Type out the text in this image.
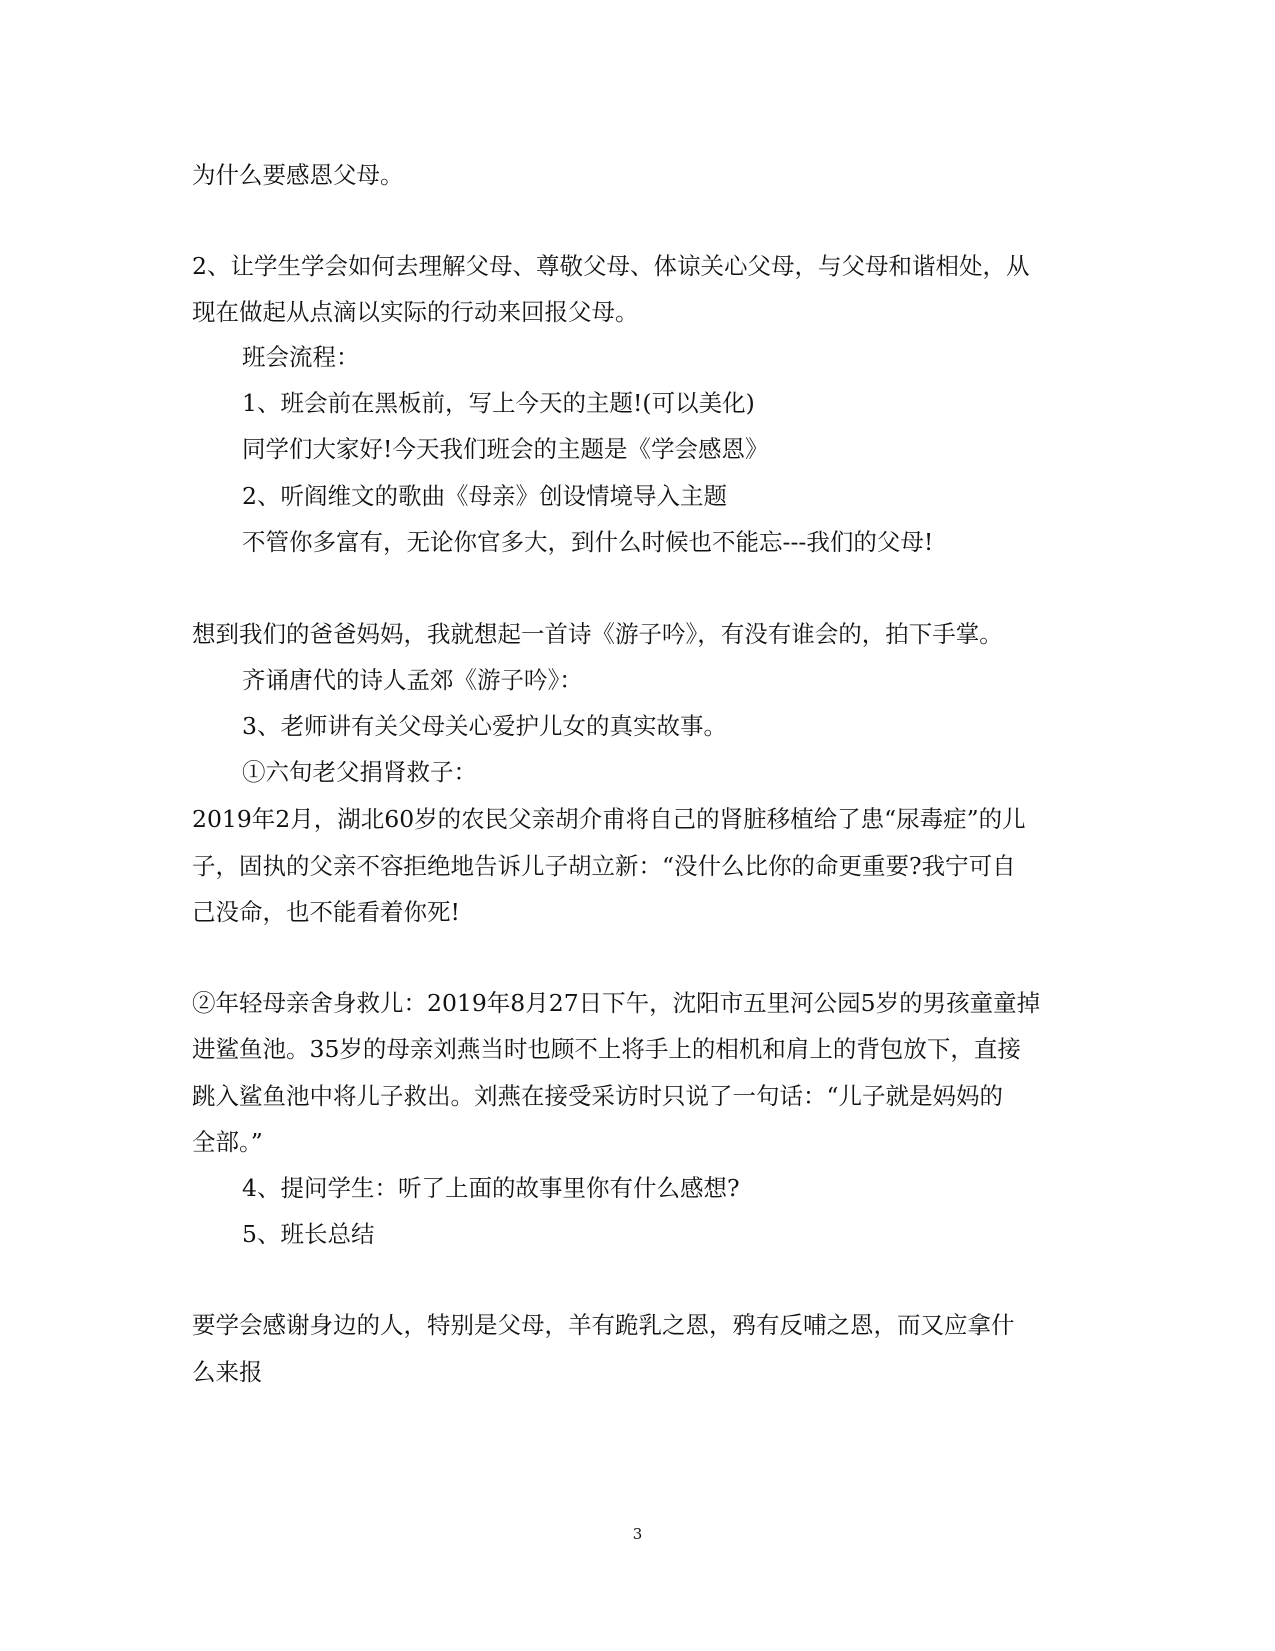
为什么要感恩父母。
2、让学生学会如何去理解父母、尊敬父母、体谅关心父母，与父母和谐相处，从
现在做起从点滴以实际的行动来回报父母。
班会流程：
1、班会前在黑板前，写上今天的主题!(可以美化)
同学们大家好!今天我们班会的主题是《学会感恩》
2、听阎维文的歌曲《母亲》创设情境导入主题
不管你多富有，无论你官多大，到什么时候也不能忘---我们的父母!
想到我们的爸爸妈妈，我就想起一首诗《游子吟》，有没有谁会的，拍下手掌。
齐诵唐代的诗人孟郊《游子吟》：
3、老师讲有关父母关心爱护儿女的真实故事。
①六旬老父捐肾救子：
2019年2月，湖北60岁的农民父亲胡介甫将自己的肾脏移植给了患“尿毒症”的儿
子，固执的父亲不容拒绝地告诉儿子胡立新：“没什么比你的命更重要?我宁可自
己没命，也不能看着你死!
②年轻母亲舍身救儿：2019年8月27日下午，沈阳市五里河公园5岁的男孩童童掉
进鲨鱼池。35岁的母亲刘燕当时也顾不上将手上的相机和肩上的背包放下，直接
跳入鲨鱼池中将儿子救出。刘燕在接受采访时只说了一句话：“儿子就是妈妈的
全部。”
4、提问学生：听了上面的故事里你有什么感想?
5、班长总结
要学会感谢身边的人，特别是父母，羊有跪乳之恩，鸦有反哺之恩，而又应拿什
么来报
3
